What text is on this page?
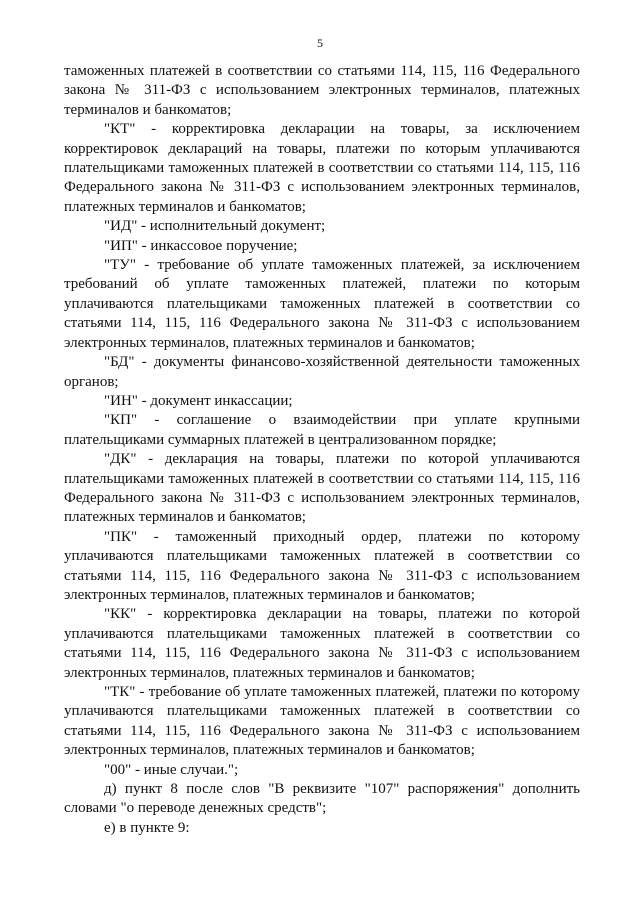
5

таможенных платежей в соответствии со статьями 114, 115, 116 Федерального закона № 311-ФЗ с использованием электронных терминалов, платежных терминалов и банкоматов;

"КТ" - корректировка декларации на товары, за исключением корректировок деклараций на товары, платежи по которым уплачиваются плательщиками таможенных платежей в соответствии со статьями 114, 115, 116 Федерального закона № 311-ФЗ с использованием электронных терминалов, платежных терминалов и банкоматов;

"ИД" - исполнительный документ;

"ИП" - инкассовое поручение;

"ТУ" - требование об уплате таможенных платежей, за исключением требований об уплате таможенных платежей, платежи по которым уплачиваются плательщиками таможенных платежей в соответствии со статьями 114, 115, 116 Федерального закона № 311-ФЗ с использованием электронных терминалов, платежных терминалов и банкоматов;

"БД" - документы финансово-хозяйственной деятельности таможенных органов;

"ИН" - документ инкассации;

"КП" - соглашение о взаимодействии при уплате крупными плательщиками суммарных платежей в централизованном порядке;

"ДК" - декларация на товары, платежи по которой уплачиваются плательщиками таможенных платежей в соответствии со статьями 114, 115, 116 Федерального закона № 311-ФЗ с использованием электронных терминалов, платежных терминалов и банкоматов;

"ПК" - таможенный приходный ордер, платежи по которому уплачиваются плательщиками таможенных платежей в соответствии со статьями 114, 115, 116 Федерального закона № 311-ФЗ с использованием электронных терминалов, платежных терминалов и банкоматов;

"КК" - корректировка декларации на товары, платежи по которой уплачиваются плательщиками таможенных платежей в соответствии со статьями 114, 115, 116 Федерального закона № 311-ФЗ с использованием электронных терминалов, платежных терминалов и банкоматов;

"ТК" - требование об уплате таможенных платежей, платежи по которому уплачиваются плательщиками таможенных платежей в соответствии со статьями 114, 115, 116 Федерального закона № 311-ФЗ с использованием электронных терминалов, платежных терминалов и банкоматов;

"00" - иные случаи.";

д) пункт 8 после слов "В реквизите "107" распоряжения" дополнить словами "о переводе денежных средств";

е) в пункте 9:
